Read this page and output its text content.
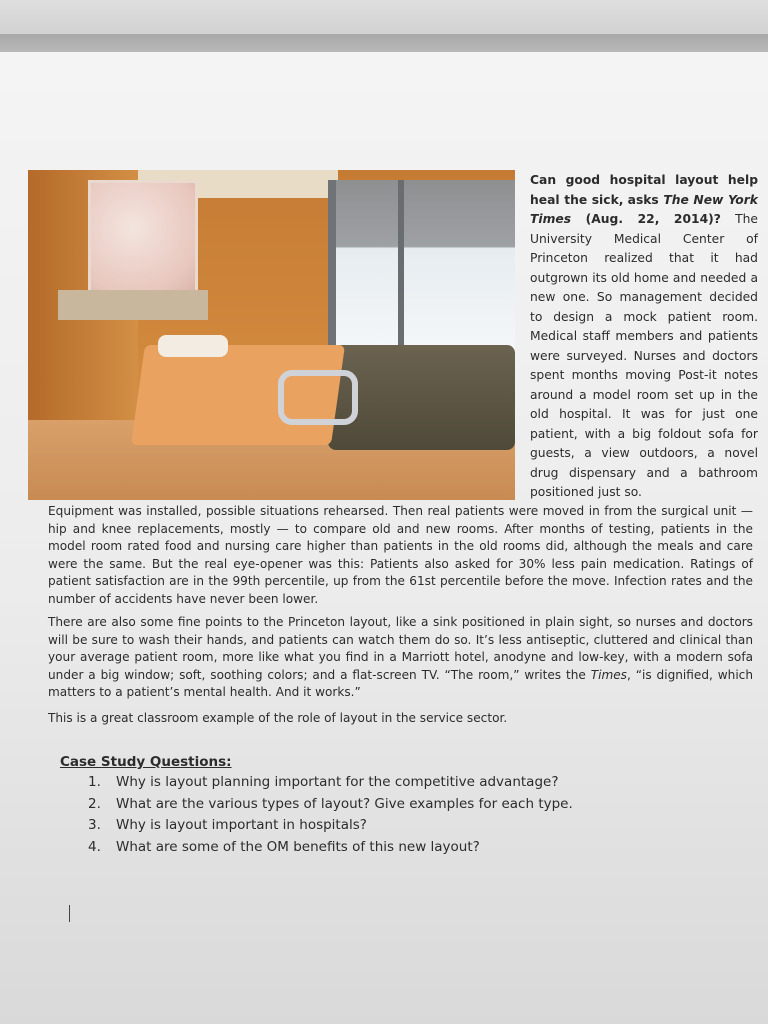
Can good hospital layout help heal the sick, asks The New York Times (Aug. 22, 2014)? The University Medical Center of Princeton realized that it had outgrown its old home and needed a new one. So management decided to design a mock patient room. Medical staff members and patients were surveyed. Nurses and doctors spent months moving Post-it notes around a model room set up in the old hospital. It was for just one patient, with a big foldout sofa for guests, a view outdoors, a novel drug dispensary and a bathroom positioned just so.

Equipment was installed, possible situations rehearsed. Then real patients were moved in from the surgical unit — hip and knee replacements, mostly — to compare old and new rooms. After months of testing, patients in the model room rated food and nursing care higher than patients in the old rooms did, although the meals and care were the same. But the real eye-opener was this: Patients also asked for 30% less pain medication. Ratings of patient satisfaction are in the 99th percentile, up from the 61st percentile before the move. Infection rates and the number of accidents have never been lower.

There are also some fine points to the Princeton layout, like a sink positioned in plain sight, so nurses and doctors will be sure to wash their hands, and patients can watch them do so. It’s less antiseptic, cluttered and clinical than your average patient room, more like what you find in a Marriott hotel, anodyne and low-key, with a modern sofa under a big window; soft, soothing colors; and a flat-screen TV. “The room,” writes the Times, “is dignified, which matters to a patient’s mental health. And it works.”

This is a great classroom example of the role of layout in the service sector.

Case Study Questions:
1.	Why is layout planning important for the competitive advantage?
2.	What are the various types of layout? Give examples for each type.
3.	Why is layout important in hospitals?
4.	What are some of the OM benefits of this new layout?
